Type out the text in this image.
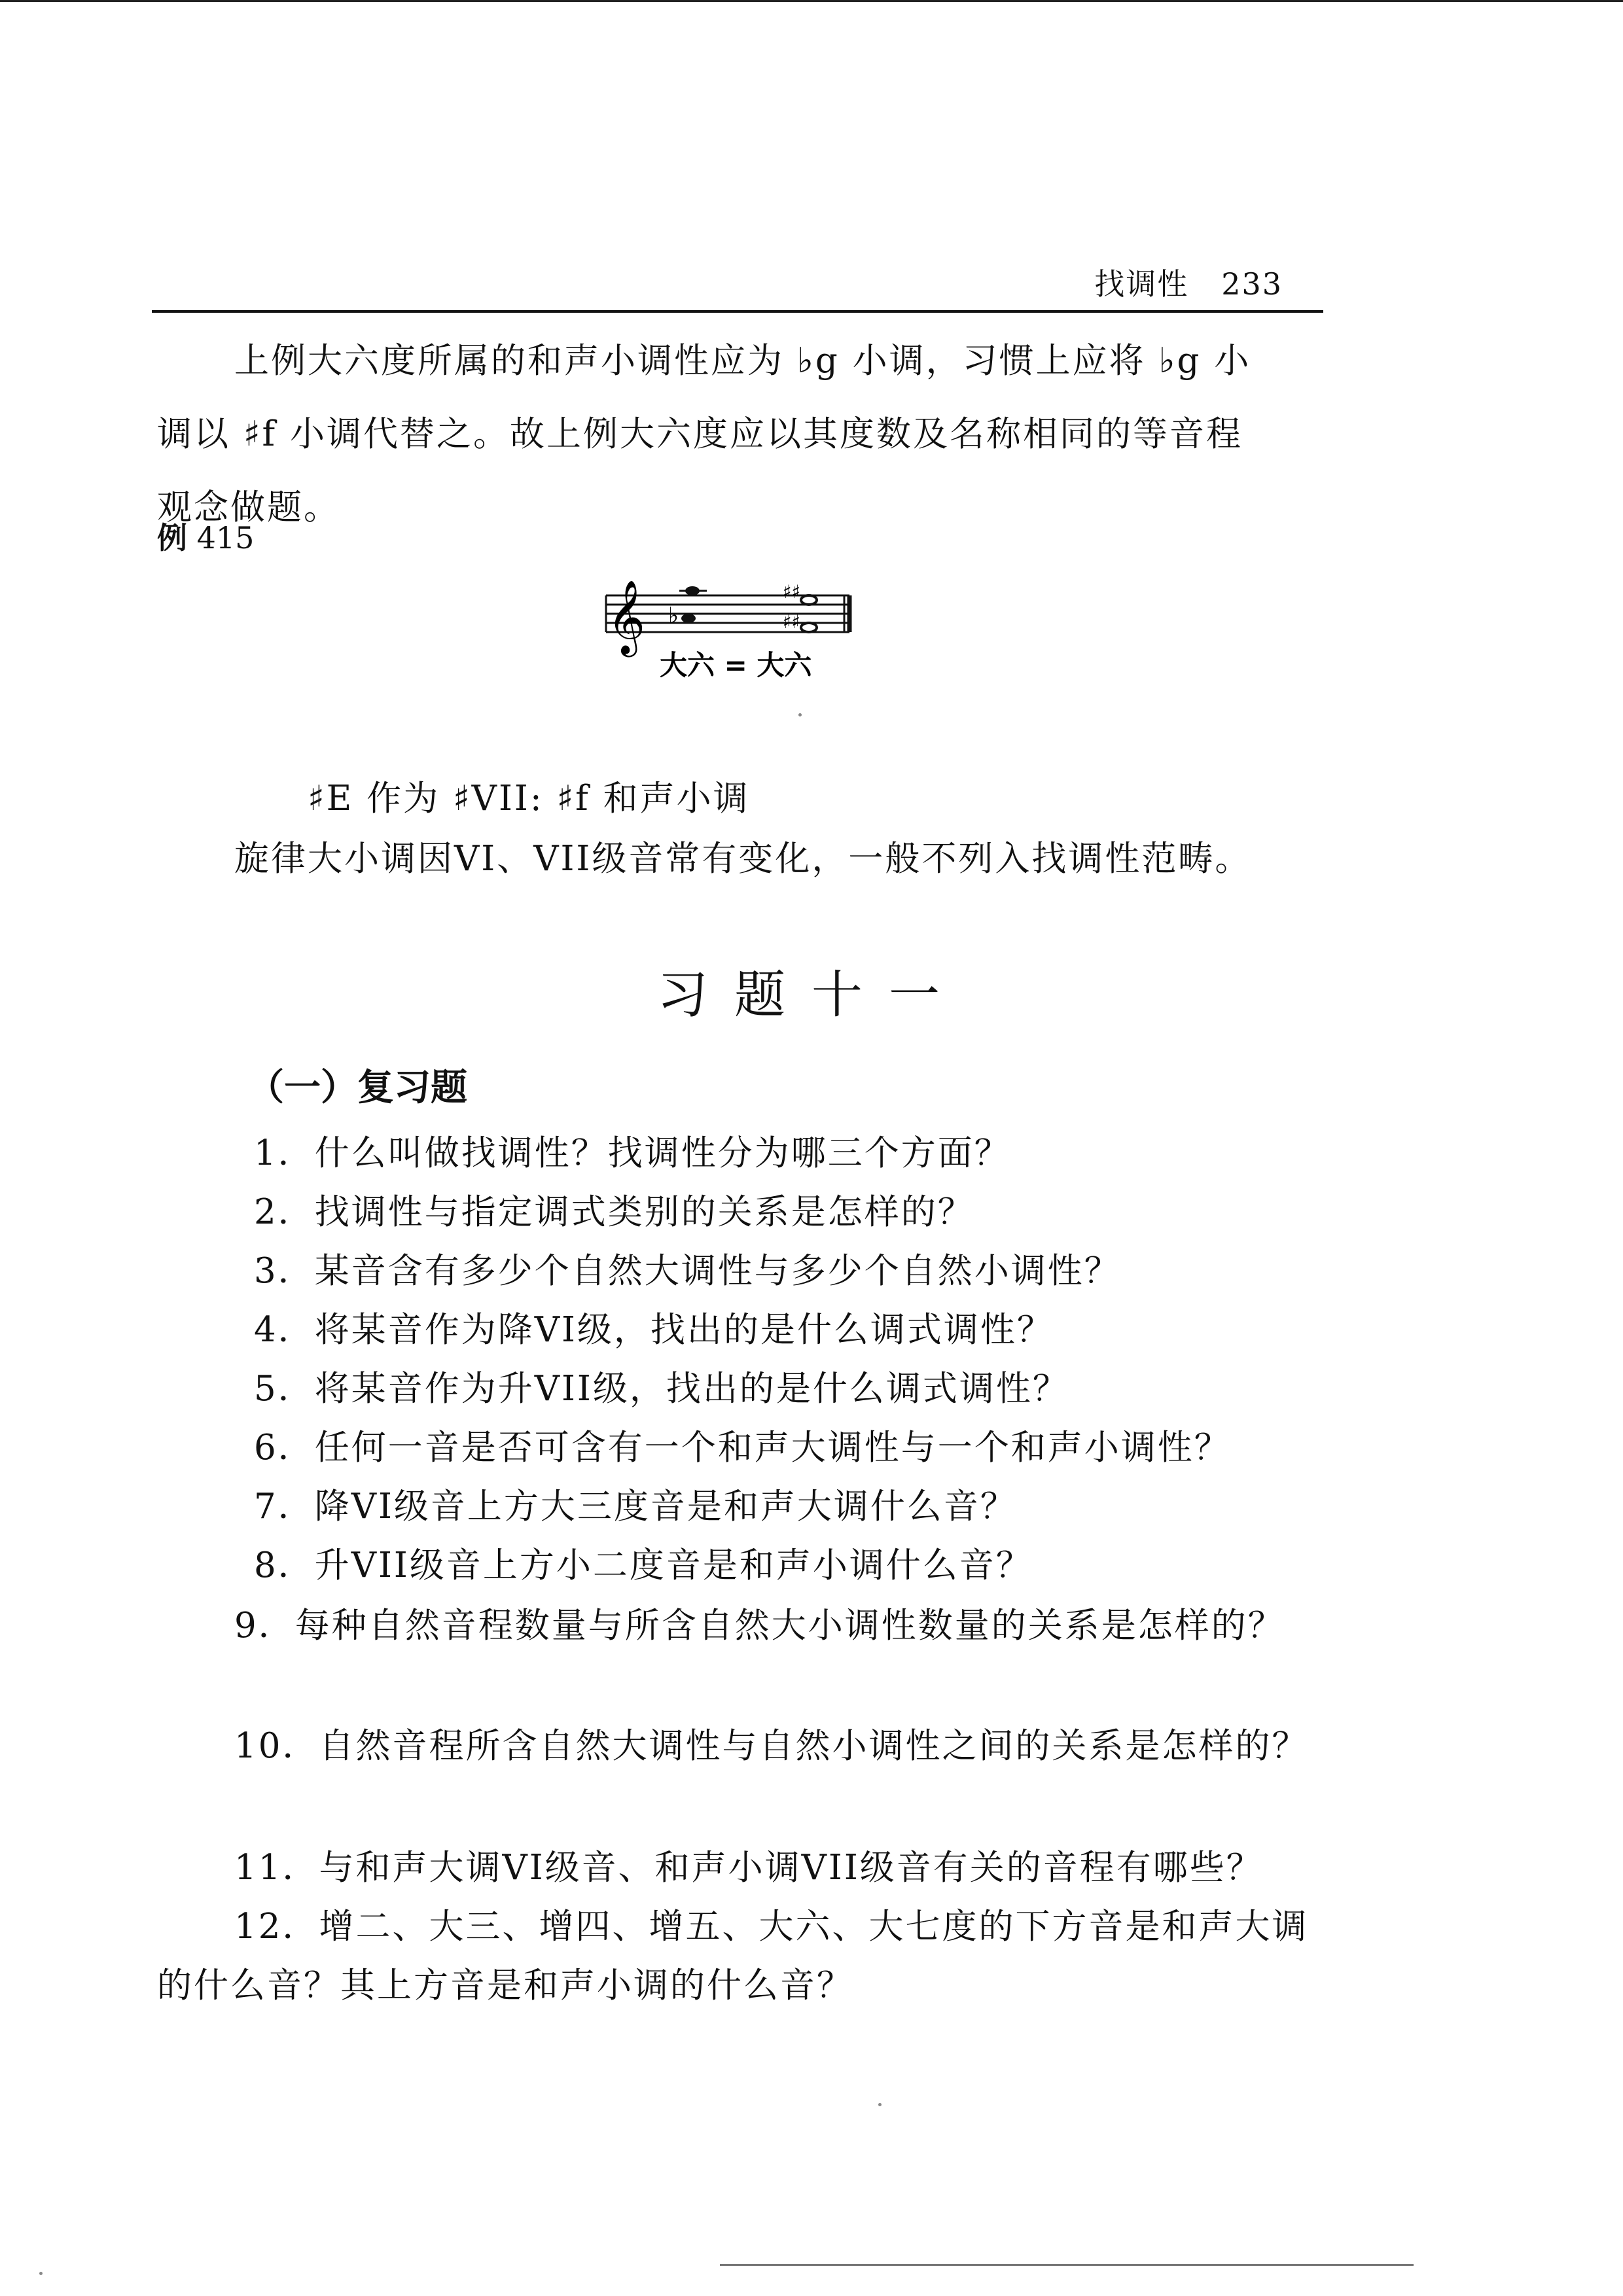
找调性 233
上例大六度所属的和声小调性应为 ♭g 小调，习惯上应将 ♭g 小
调以 ♯f 小调代替之。故上例大六度应以其度数及名称相同的等音程
观念做题。
例 415
𝄞 ♭
♯♯
♯♯
大六 = 大六
♯E 作为 ♯VII: ♯f 和声小调
旋律大小调因VI、VII级音常有变化，一般不列入找调性范畴。
习题十一
（一）复习题
1．什么叫做找调性？找调性分为哪三个方面？
2．找调性与指定调式类别的关系是怎样的？
3．某音含有多少个自然大调性与多少个自然小调性？
4．将某音作为降VI级，找出的是什么调式调性？
5．将某音作为升VII级，找出的是什么调式调性？
6．任何一音是否可含有一个和声大调性与一个和声小调性？
7．降VI级音上方大三度音是和声大调什么音？
8．升VII级音上方小二度音是和声小调什么音？
9．每种自然音程数量与所含自然大小调性数量的关系是怎样的？
10．自然音程所含自然大调性与自然小调性之间的关系是怎样的？
11．与和声大调VI级音、和声小调VII级音有关的音程有哪些？
12．增二、大三、增四、增五、大六、大七度的下方音是和声大调的什么音？其上方音是和声小调的什么音？
